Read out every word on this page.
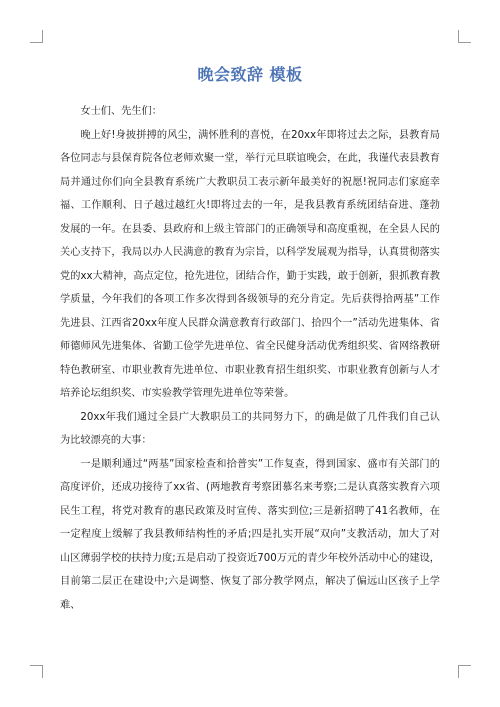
晚会致辞 模板

女士们、先生们：

晚上好!身披拼搏的风尘，满怀胜利的喜悦，在20xx年即将过去之际，县教育局各位同志与县保育院各位老师欢聚一堂，举行元旦联谊晚会，在此，我谨代表县教育局并通过你们向全县教育系统广大教职员工表示新年最美好的祝愿!祝同志们家庭幸福、工作顺利、日子越过越红火!即将过去的一年，是我县教育系统团结奋进、蓬勃发展的一年。在县委、县政府和上级主管部门的正确领导和高度重视，在全县人民的关心支持下，我局以办人民满意的教育为宗旨，以科学发展观为指导，认真贯彻落实党的xx大精神，高点定位，抢先进位，团结合作，勤于实践，敢于创新，狠抓教育教学质量，今年我们的各项工作多次得到各级领导的充分肯定。先后获得拾两基”工作先进县、江西省20xx年度人民群众满意教育行政部门、拾四个一”活动先进集体、省师德师风先进集体、省勤工俭学先进单位、省全民健身活动优秀组织奖、省网络教研特色教研室、市职业教育先进单位、市职业教育招生组织奖、市职业教育创新与人才培养论坛组织奖、市实验教学管理先进单位等荣誉。

20xx年我们通过全县广大教职员工的共同努力下，的确是做了几件我们自己认为比较漂亮的大事：

一是顺利通过“两基”国家检查和拾普实”工作复查，得到国家、盛市有关部门的高度评价，还成功接待了xx省、(两地教育考察团慕名来考察;二是认真落实教育六项民生工程，将党对教育的惠民政策及时宣传、落实到位;三是新招聘了41名教师，在一定程度上缓解了我县教师结构性的矛盾;四是扎实开展“双向”支教活动，加大了对山区薄弱学校的扶持力度;五是启动了投资近700万元的青少年校外活动中心的建设，目前第二层正在建设中;六是调整、恢复了部分教学网点，解决了偏远山区孩子上学难、
